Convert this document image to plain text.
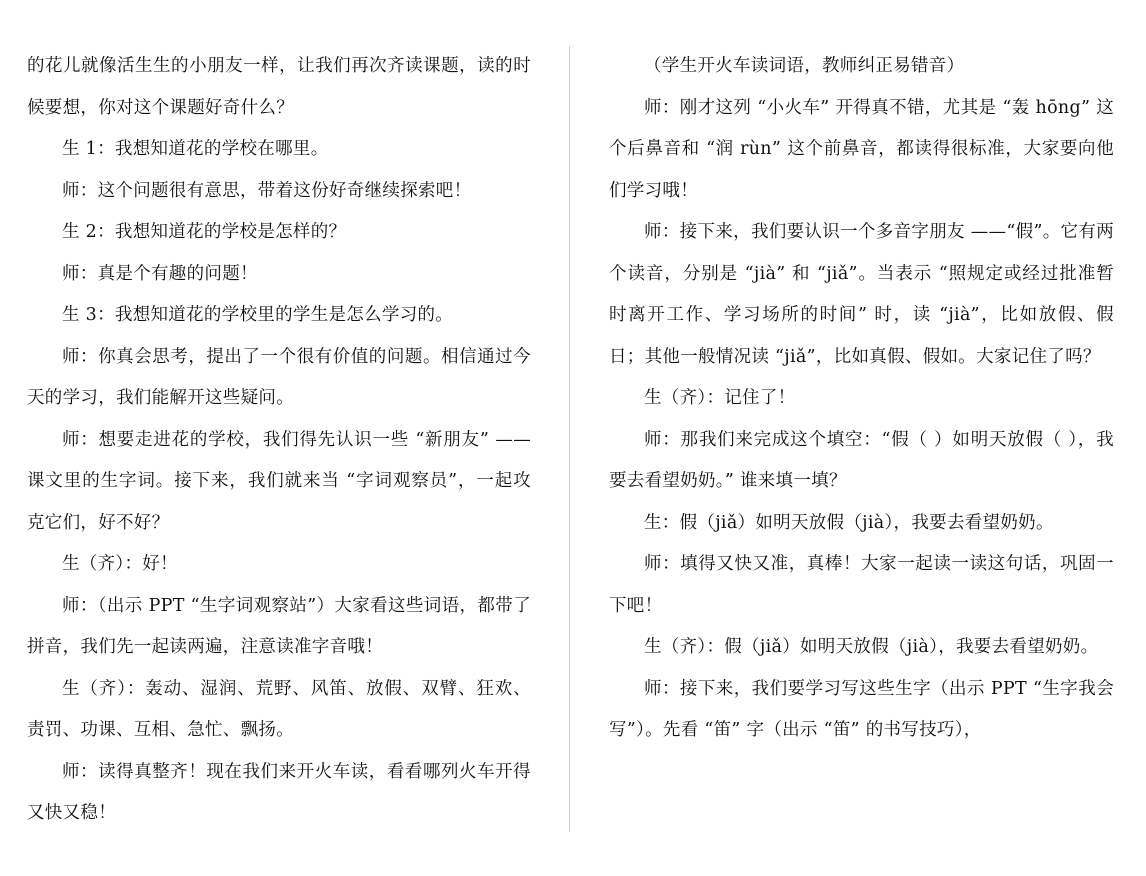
的花儿就像活生生的小朋友一样，让我们再次齐读课题，读的时候要想，你对这个课题好奇什么？

生 1：我想知道花的学校在哪里。

师：这个问题很有意思，带着这份好奇继续探索吧！

生 2：我想知道花的学校是怎样的？

师：真是个有趣的问题！

生 3：我想知道花的学校里的学生是怎么学习的。

师：你真会思考，提出了一个很有价值的问题。相信通过今天的学习，我们能解开这些疑问。

师：想要走进花的学校，我们得先认识一些 “新朋友” —— 课文里的生字词。接下来，我们就来当 “字词观察员”，一起攻克它们，好不好？

生（齐）：好！

师：（出示 PPT “生字词观察站”）大家看这些词语，都带了拼音，我们先一起读两遍，注意读准字音哦！

生（齐）：轰动、湿润、荒野、风笛、放假、双臂、狂欢、责罚、功课、互相、急忙、飘扬。

师：读得真整齐！现在我们来开火车读，看看哪列火车开得又快又稳！

（学生开火车读词语，教师纠正易错音）

师：刚才这列 “小火车” 开得真不错，尤其是 “轰 hōng” 这个后鼻音和 “润 rùn” 这个前鼻音，都读得很标准，大家要向他们学习哦！

师：接下来，我们要认识一个多音字朋友 ——“假”。它有两个读音，分别是 “jià” 和 “jiǎ”。当表示 “照规定或经过批准暂时离开工作、学习场所的时间” 时，读 “jià”，比如放假、假日；其他一般情况读 “jiǎ”，比如真假、假如。大家记住了吗？

生（齐）：记住了！

师：那我们来完成这个填空：“假（ ）如明天放假（ ），我要去看望奶奶。” 谁来填一填？

生：假（jiǎ）如明天放假（jià），我要去看望奶奶。

师：填得又快又准，真棒！大家一起读一读这句话，巩固一下吧！

生（齐）：假（jiǎ）如明天放假（jià），我要去看望奶奶。

师：接下来，我们要学习写这些生字（出示 PPT “生字我会写”）。先看 “笛” 字（出示 “笛” 的书写技巧），
